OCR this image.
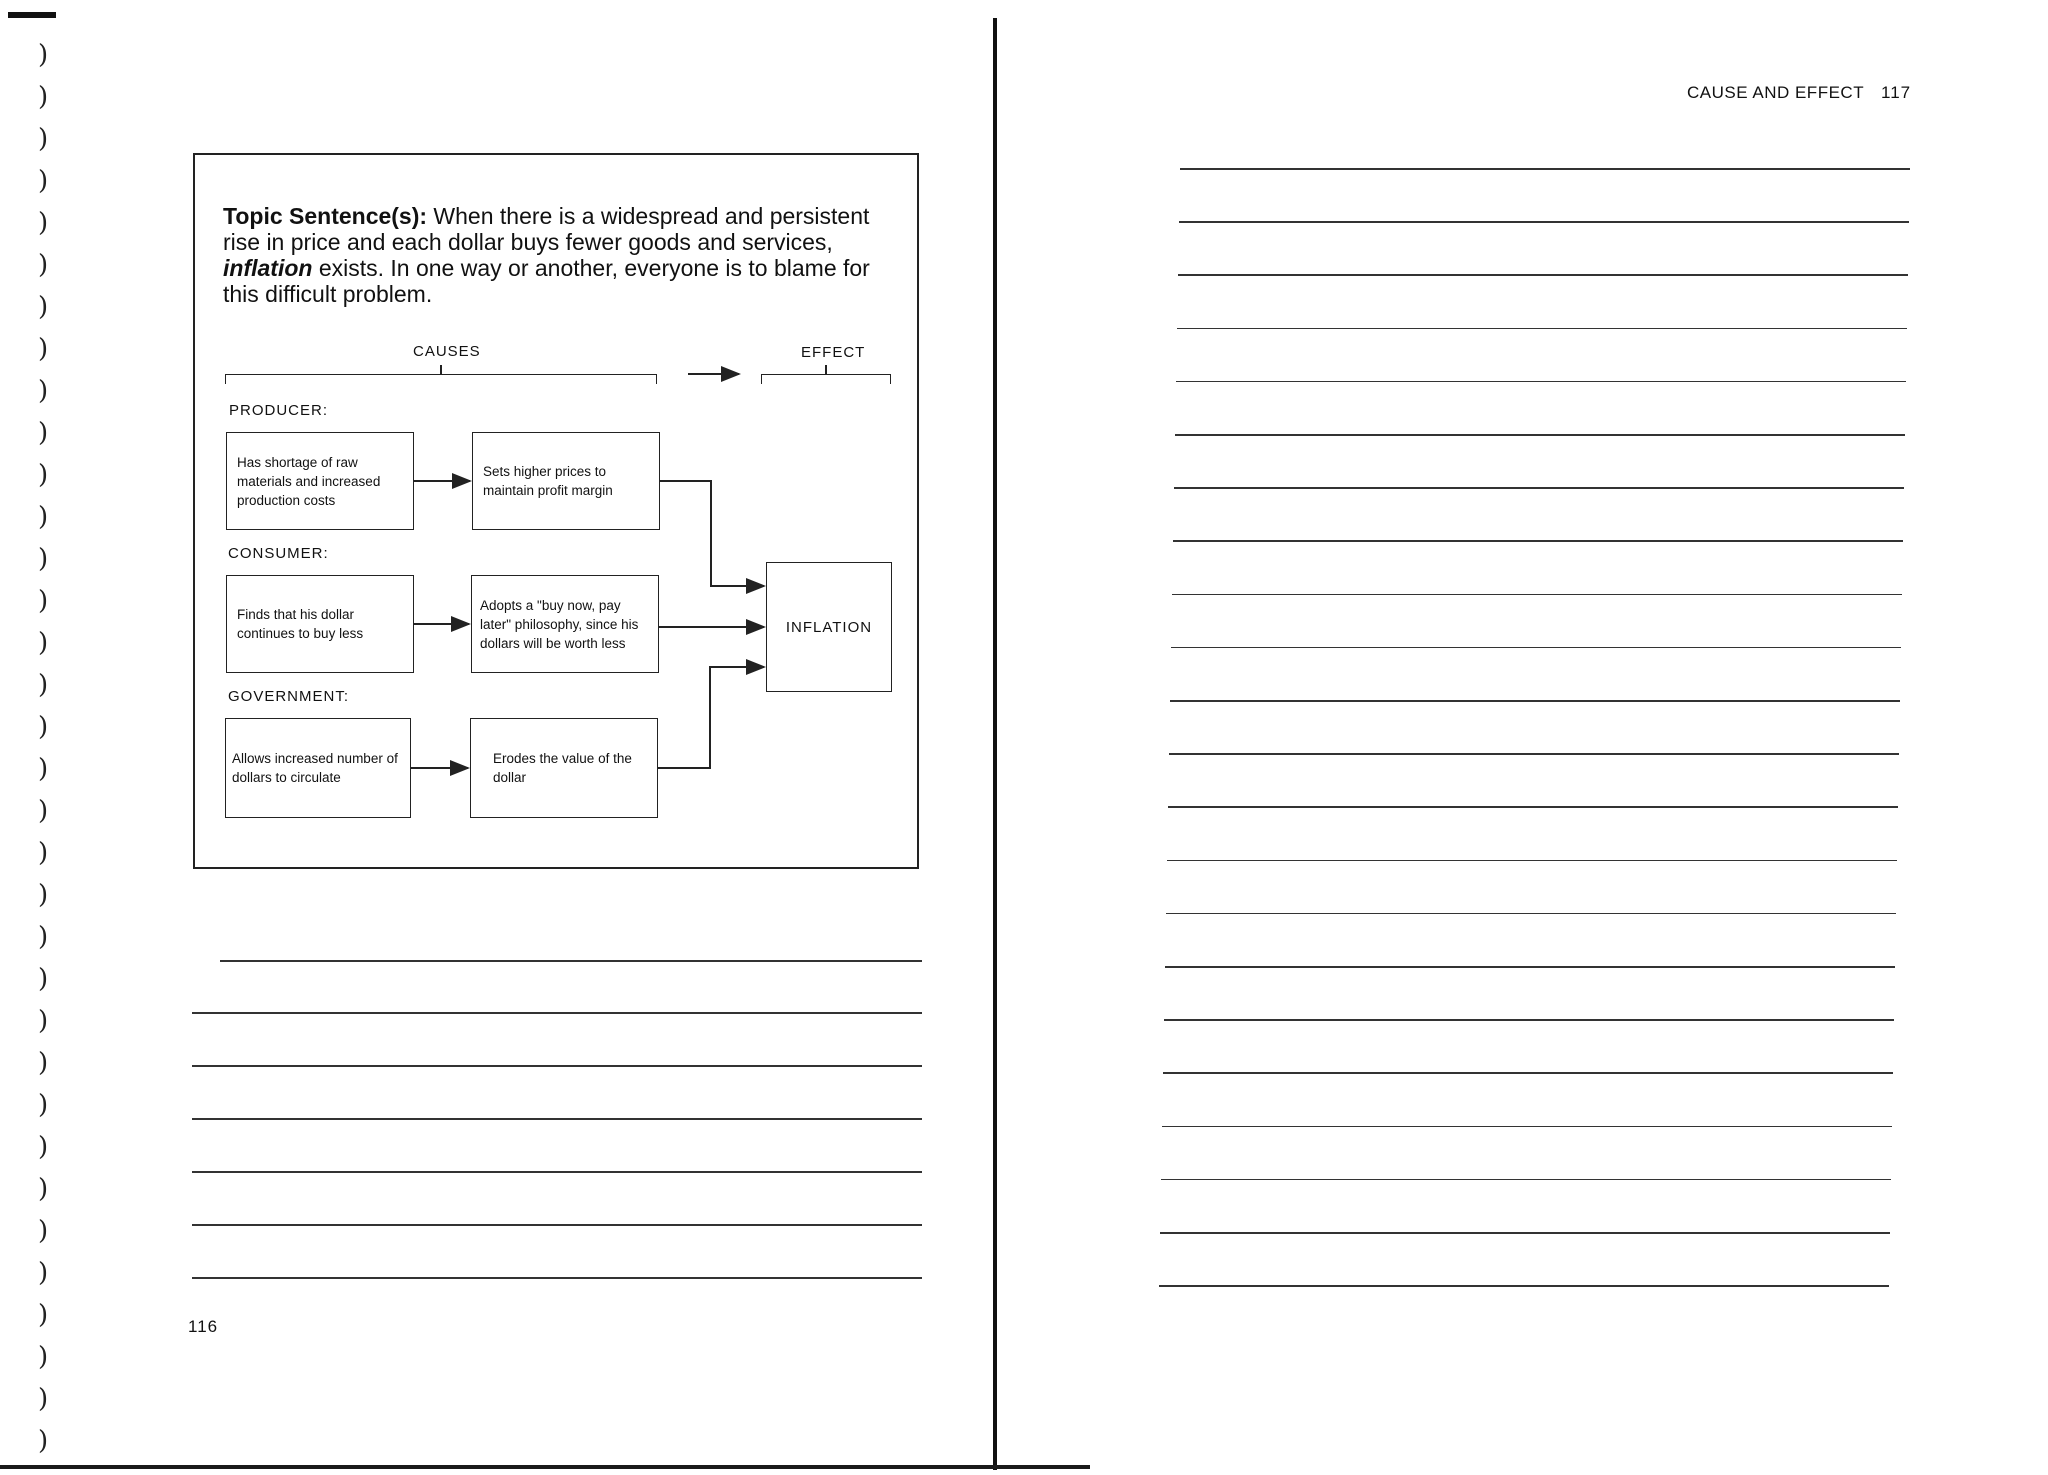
)
)
)
)
)
)
)
)
)
)
)
)
)
)
)
)
)
)
)
)
)
)
)
)
)
)
)
)
)
)
)
)
)
)

Topic Sentence(s): When there is a widespread and persistent rise in price and each dollar buys fewer goods and services, inflation exists. In one way or another, everyone is to blame for this difficult problem.

CAUSES	EFFECT
PRODUCER:
CONSUMER:
GOVERNMENT:
Has shortage of raw materials and increased production costs
Sets higher prices to maintain profit margin
Finds that his dollar continues to buy less
Adopts a "buy now, pay later" philosophy, since his dollars will be worth less
Allows increased number of dollars to circulate
Erodes the value of the dollar
INFLATION
116
CAUSE AND EFFECT 117
